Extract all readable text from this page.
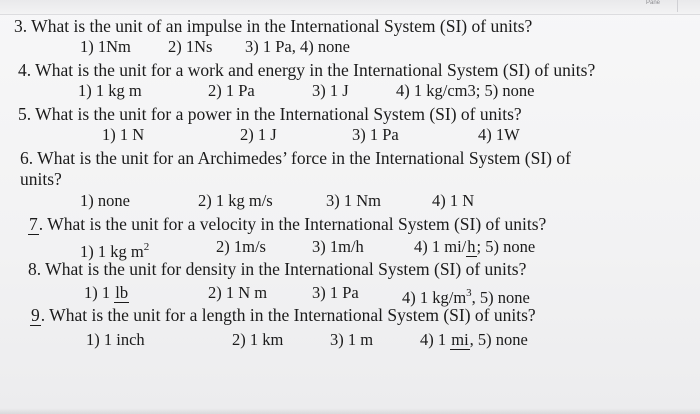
Pane
3. What is the unit of an impulse in the International System (SI) of units?
1) 1Nm 2) 1Ns 3) 1 Pa, 4) none
4. What is the unit for a work and energy in the International System (SI) of units?
1) 1 kg m	2) 1 Pa	3) 1 J	4) 1 kg/cm3; 5) none
5. What is the unit for a power in the International System (SI) of units?
1) 1 N	2) 1 J	3) 1 Pa	4) 1W
6. What is the unit for an Archimedes’ force in the International System (SI) of
units?
1) none	2) 1 kg m/s	3) 1 Nm	4) 1 N
7. What is the unit for a velocity in the International System (SI) of units?
1) 1 kg $m^2$	2) 1m/s	3) 1m/h	4) 1 mi/h; 5) none
8. What is the unit for density in the International System (SI) of units?
1) 1 lb	2) 1 N m	3) 1 Pa	4) 1 $kg/m^3$, 5) none
9. What is the unit for a length in the International System (SI) of units?
1) 1 inch	2) 1 km	3) 1 m	4) 1 mi, 5) none
